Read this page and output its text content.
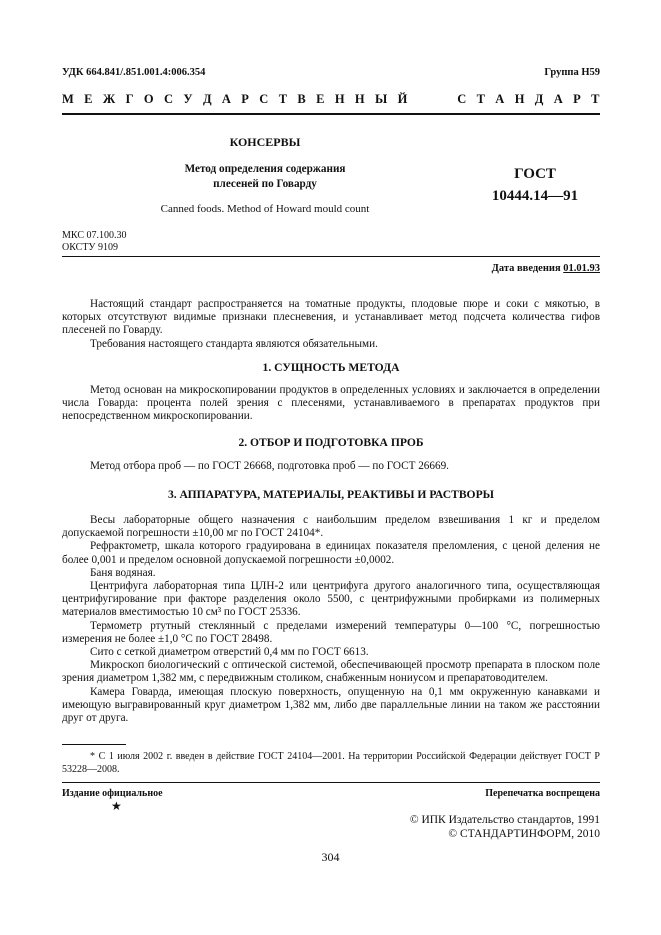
УДК 664.841/.851.001.4:006.354	Группа Н59
М Е Ж Г О С У Д А Р С Т В Е Н Н Ы Й     С Т А Н Д А Р Т
КОНСЕРВЫ
Метод определения содержания
плесеней по Говарду
Canned foods. Method of Howard mould count
ГОСТ
10444.14—91
МКС 07.100.30
ОКСТУ 9109
Дата введения 01.01.93

Настоящий стандарт распространяется на томатные продукты, плодовые пюре и соки с мякотью, в которых отсутствуют видимые признаки плесневения, и устанавливает метод подсчета количества гифов плесеней по Говарду.

Требования настоящего стандарта являются обязательными.

1. СУЩНОСТЬ МЕТОДА

Метод основан на микроскопировании продуктов в определенных условиях и заключается в определении числа Говарда: процента полей зрения с плесенями, устанавливаемого в препаратах продуктов при непосредственном микроскопировании.

2. ОТБОР И ПОДГОТОВКА ПРОБ

Метод отбора проб — по ГОСТ 26668, подготовка проб — по ГОСТ 26669.

3. АППАРАТУРА, МАТЕРИАЛЫ, РЕАКТИВЫ И РАСТВОРЫ

Весы лабораторные общего назначения с наибольшим пределом взвешивания 1 кг и пределом допускаемой погрешности ±10,00 мг по ГОСТ 24104*.

Рефрактометр, шкала которого градуирована в единицах показателя преломления, с ценой деления не более 0,001 и пределом основной допускаемой погрешности ±0,0002.

Баня водяная.

Центрифуга лабораторная типа ЦЛН-2 или центрифуга другого аналогичного типа, осуществляющая центрифугирование при факторе разделения около 5500, с центрифужными пробирками из полимерных материалов вместимостью 10 см³ по ГОСТ 25336.

Термометр ртутный стеклянный с пределами измерений температуры 0—100 °С, погрешностью измерения не более ±1,0 °С по ГОСТ 28498.

Сито с сеткой диаметром отверстий 0,4 мм по ГОСТ 6613.

Микроскоп биологический с оптической системой, обеспечивающей просмотр препарата в плоском поле зрения диаметром 1,382 мм, с передвижным столиком, снабженным нониусом и препаратоводителем.

Камера Говарда, имеющая плоскую поверхность, опущенную на 0,1 мм окруженную канавками и имеющую выгравированный круг диаметром 1,382 мм, либо две параллельные линии на таком же расстоянии друг от друга.

* С 1 июля 2002 г. введен в действие ГОСТ 24104—2001. На территории Российской Федерации действует ГОСТ Р 53228—2008.

Издание официальное
★
Перепечатка воспрещена
© ИПК Издательство стандартов, 1991
© СТАНДАРТИНФОРМ, 2010
304
